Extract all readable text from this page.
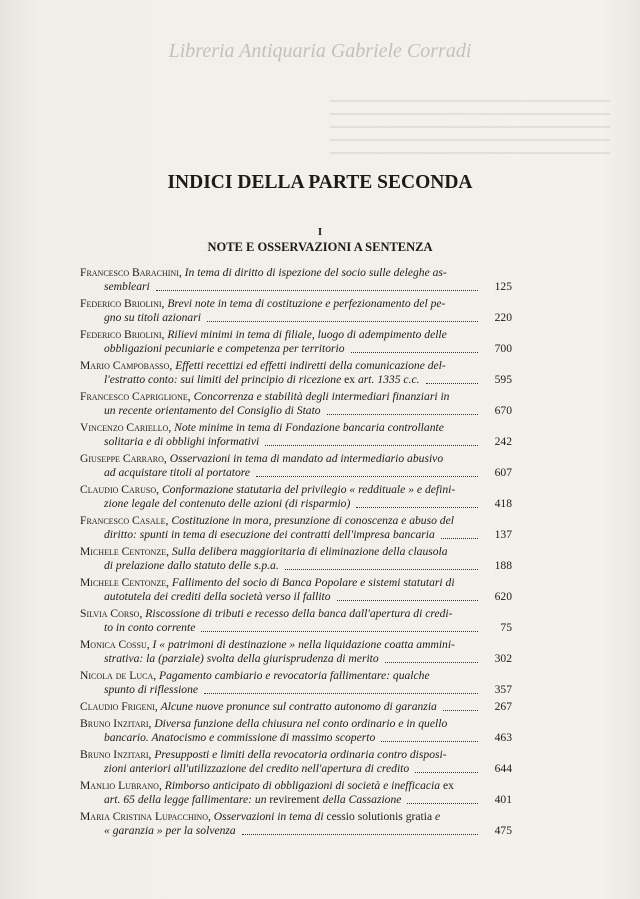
Libreria Antiquaria Gabriele Corradi
INDICI DELLA PARTE SECONDA
I
NOTE E OSSERVAZIONI A SENTENZA
Francesco Barachini, In tema di diritto di ispezione del socio sulle deleghe as-
sembleari	125
Federico Briolini, Brevi note in tema di costituzione e perfezionamento del pe-
gno su titoli azionari	220
Federico Briolini, Rilievi minimi in tema di filiale, luogo di adempimento delle
obbligazioni pecuniarie e competenza per territorio	700
Mario Campobasso, Effetti recettizi ed effetti indiretti della comunicazione del-
l'estratto conto: sui limiti del principio di ricezione ex art. 1335 c.c.	595
Francesco Capriglione, Concorrenza e stabilità degli intermediari finanziari in
un recente orientamento del Consiglio di Stato	670
Vincenzo Cariello, Note minime in tema di Fondazione bancaria controllante
solitaria e di obblighi informativi	242
Giuseppe Carraro, Osservazioni in tema di mandato ad intermediario abusivo
ad acquistare titoli al portatore	607
Claudio Caruso, Conformazione statutaria del privilegio « reddituale » e defini-
zione legale del contenuto delle azioni (di risparmio)	418
Francesco Casale, Costituzione in mora, presunzione di conoscenza e abuso del
diritto: spunti in tema di esecuzione dei contratti dell'impresa bancaria	137
Michele Centonze, Sulla delibera maggioritaria di eliminazione della clausola
di prelazione dallo statuto delle s.p.a.	188
Michele Centonze, Fallimento del socio di Banca Popolare e sistemi statutari di
autotutela dei crediti della società verso il fallito	620
Silvia Corso, Riscossione di tributi e recesso della banca dall'apertura di credi-
to in conto corrente	75
Monica Cossu, I « patrimoni di destinazione » nella liquidazione coatta ammini-
strativa: la (parziale) svolta della giurisprudenza di merito	302
Nicola de Luca, Pagamento cambiario e revocatoria fallimentare: qualche
spunto di riflessione	357
Claudio Frigeni, Alcune nuove pronunce sul contratto autonomo di garanzia	267
Bruno Inzitari, Diversa funzione della chiusura nel conto ordinario e in quello
bancario. Anatocismo e commissione di massimo scoperto	463
Bruno Inzitari, Presupposti e limiti della revocatoria ordinaria contro disposi-
zioni anteriori all'utilizzazione del credito nell'apertura di credito	644
Manlio Lubrano, Rimborso anticipato di obbligazioni di società e inefficacia ex
art. 65 della legge fallimentare: un revirement della Cassazione	401
Maria Cristina Lupacchino, Osservazioni in tema di cessio solutionis gratia e
« garanzia » per la solvenza	475
